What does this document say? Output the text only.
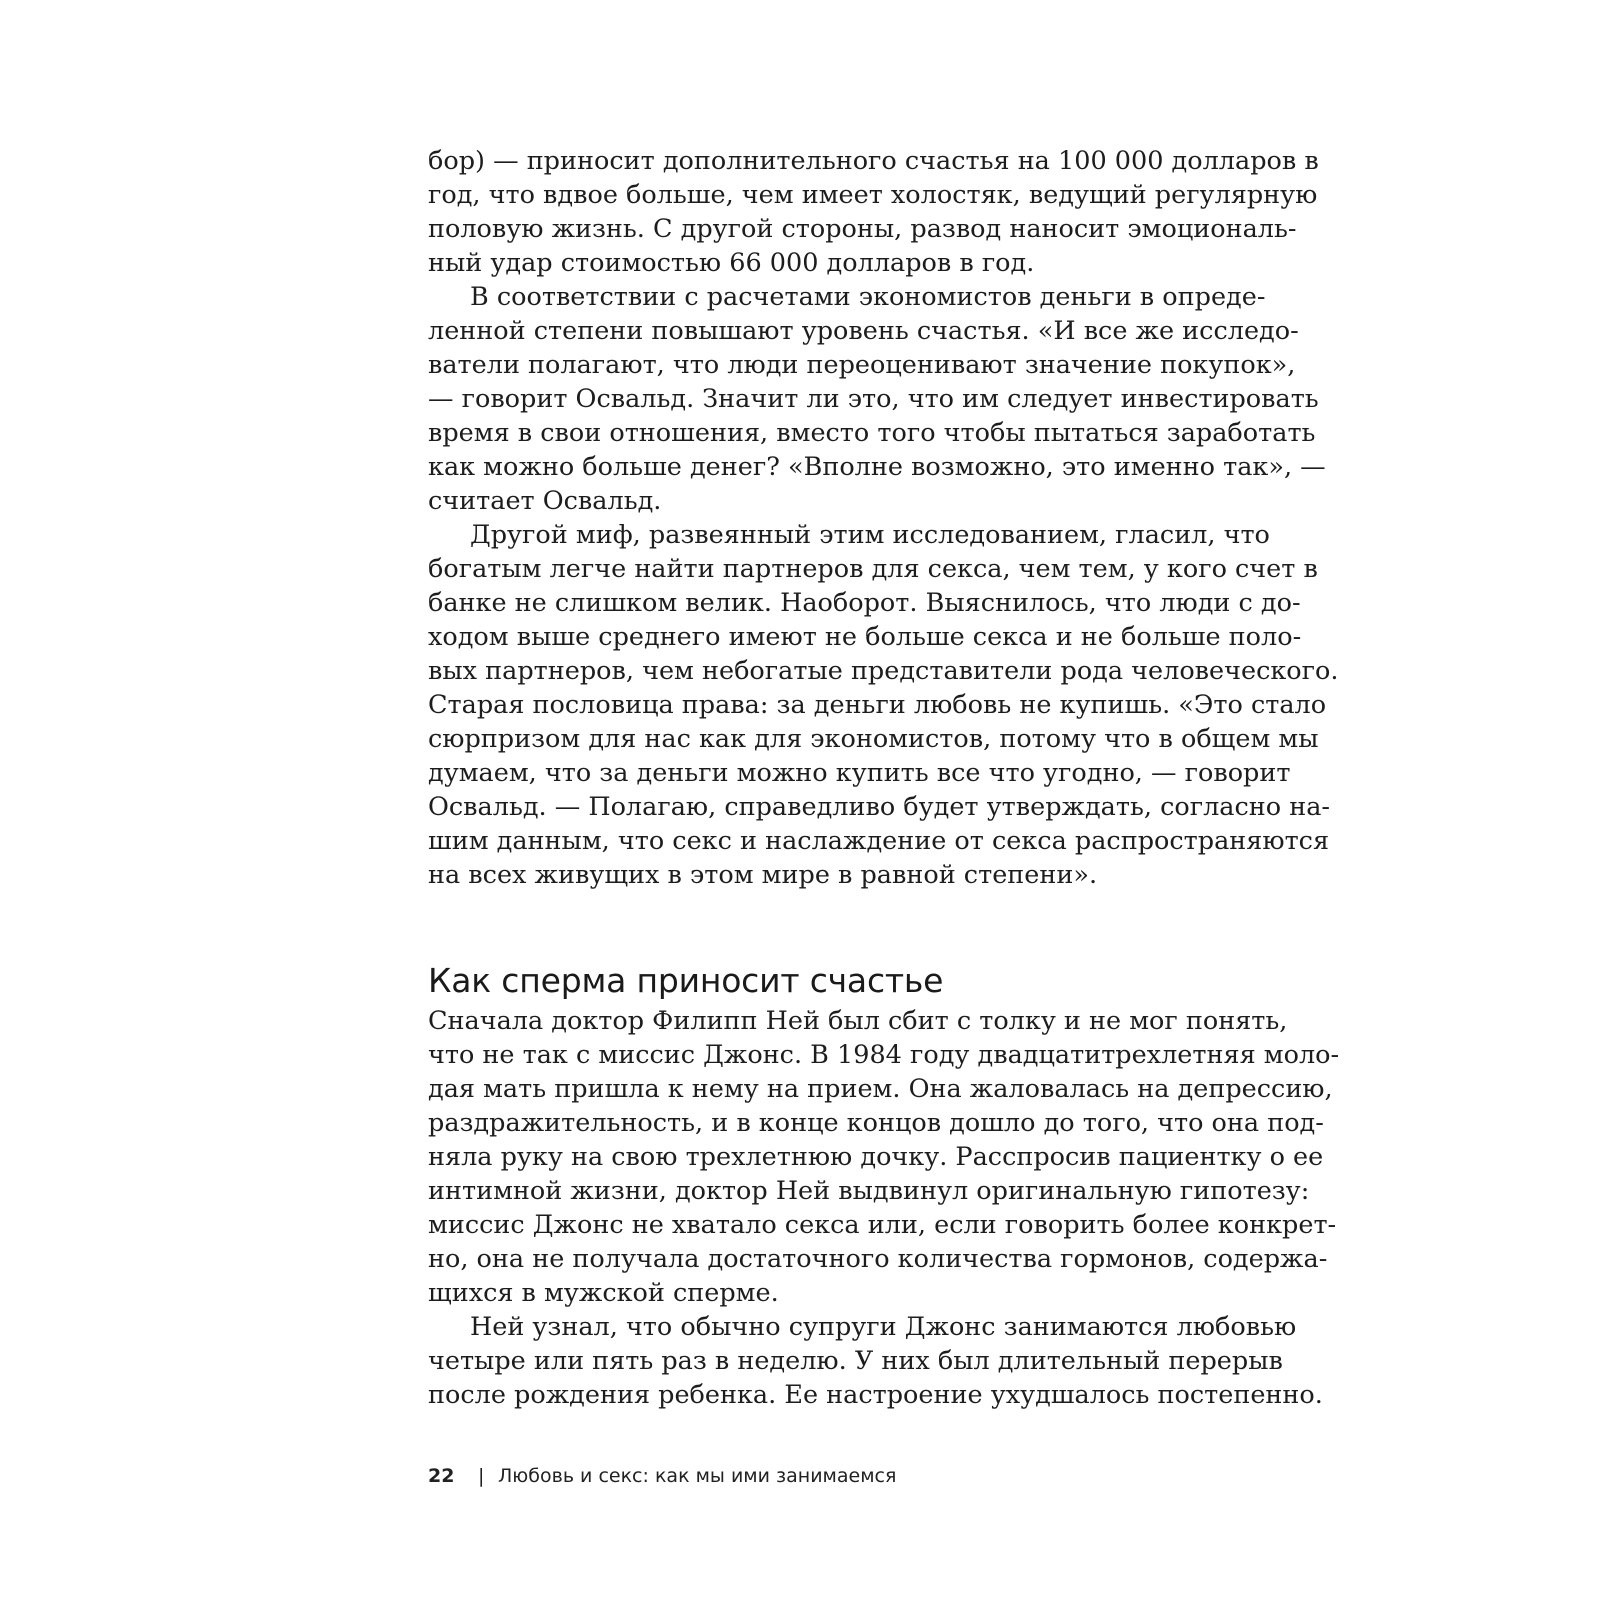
бор) — приносит дополнительного счастья на 100 000 долларов в
год, что вдвое больше, чем имеет холостяк, ведущий регулярную
половую жизнь. С другой стороны, развод наносит эмоциональ-
ный удар стоимостью 66 000 долларов в год.
В соответствии с расчетами экономистов деньги в опреде-
ленной степени повышают уровень счастья. «И все же исследо-
ватели полагают, что люди переоценивают значение покупок»,
— говорит Освальд. Значит ли это, что им следует инвестировать
время в свои отношения, вместо того чтобы пытаться заработать
как можно больше денег? «Вполне возможно, это именно так», —
считает Освальд.
Другой миф, развеянный этим исследованием, гласил, что
богатым легче найти партнеров для секса, чем тем, у кого счет в
банке не слишком велик. Наоборот. Выяснилось, что люди с до-
ходом выше среднего имеют не больше секса и не больше поло-
вых партнеров, чем небогатые представители рода человеческого.
Старая пословица права: за деньги любовь не купишь. «Это стало
сюрпризом для нас как для экономистов, потому что в общем мы
думаем, что за деньги можно купить все что угодно, — говорит
Освальд. — Полагаю, справедливо будет утверждать, согласно на-
шим данным, что секс и наслаждение от секса распространяются
на всех живущих в этом мире в равной степени».
Как сперма приносит счастье
Сначала доктор Филипп Ней был сбит с толку и не мог понять,
что не так с миссис Джонс. В 1984 году двадцатитрехлетняя моло-
дая мать пришла к нему на прием. Она жаловалась на депрессию,
раздражительность, и в конце концов дошло до того, что она под-
няла руку на свою трехлетнюю дочку. Расспросив пациентку о ее
интимной жизни, доктор Ней выдвинул оригинальную гипотезу:
миссис Джонс не хватало секса или, если говорить более конкрет-
но, она не получала достаточного количества гормонов, содержа-
щихся в мужской сперме.
Ней узнал, что обычно супруги Джонс занимаются любовью
четыре или пять раз в неделю. У них был длительный перерыв
после рождения ребенка. Ее настроение ухудшалось постепенно.
22 | Любовь и секс: как мы ими занимаемся
